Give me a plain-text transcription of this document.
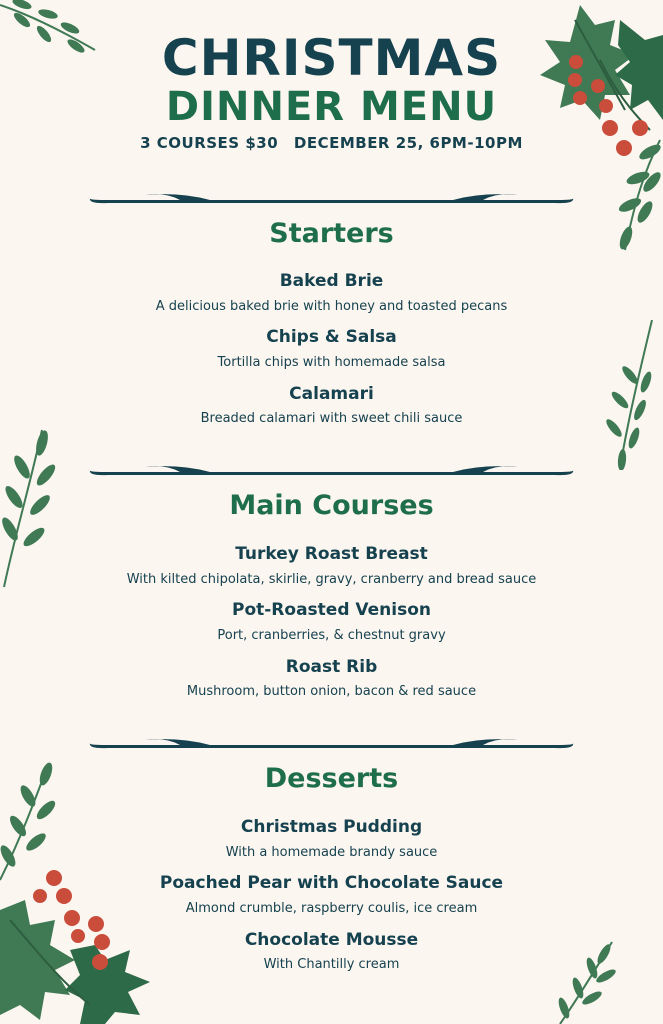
CHRISTMAS
DINNER MENU
3 COURSES $30 DECEMBER 25, 6PM-10PM
Starters
Baked Brie
A delicious baked brie with honey and toasted pecans
Chips & Salsa
Tortilla chips with homemade salsa
Calamari
Breaded calamari with sweet chili sauce
Main Courses
Turkey Roast Breast
With kilted chipolata, skirlie, gravy, cranberry and bread sauce
Pot-Roasted Venison
Port, cranberries, & chestnut gravy
Roast Rib
Mushroom, button onion, bacon & red sauce
Desserts
Christmas Pudding
With a homemade brandy sauce
Poached Pear with Chocolate Sauce
Almond crumble, raspberry coulis, ice cream
Chocolate Mousse
With Chantilly cream
